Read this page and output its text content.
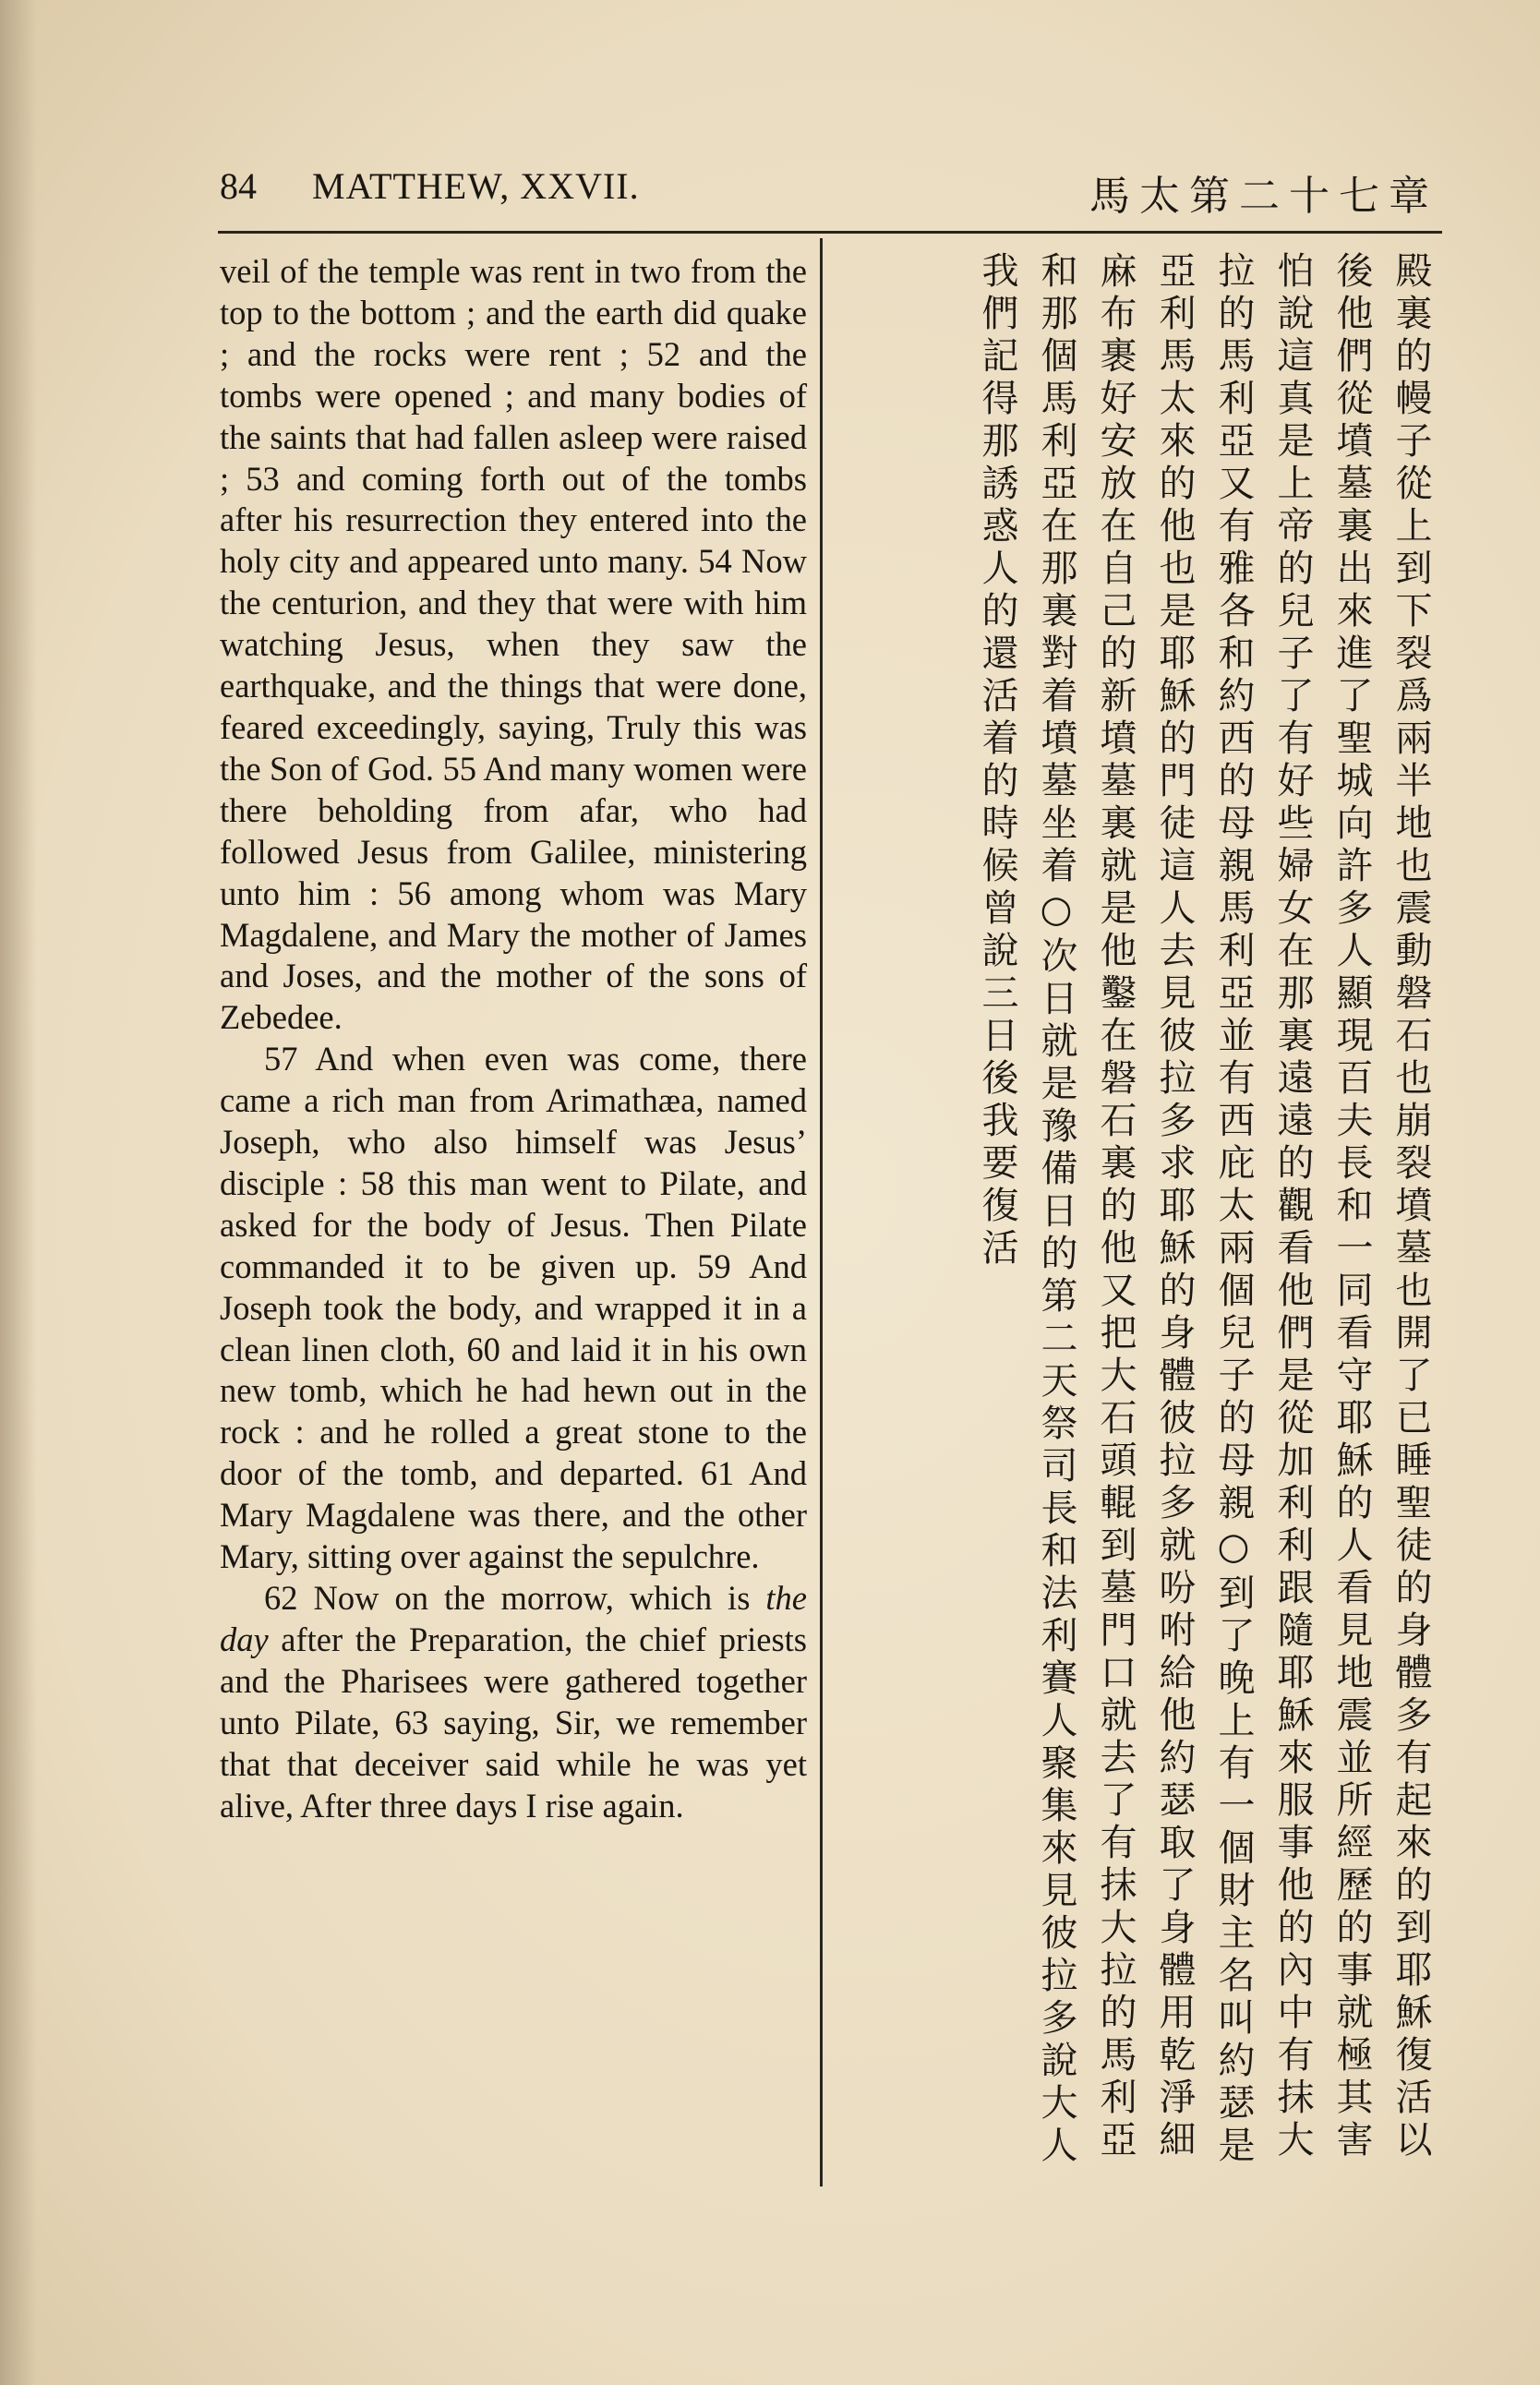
84 MATTHEW, XXVII.	馬太第二十七章

veil of the temple was rent in two from the top to the bottom ; and the earth did quake ; and the rocks were rent ; 52 and the tombs were opened ; and many bodies of the saints that had fallen asleep were raised ; 53 and coming forth out of the tombs after his resurrection they entered into the holy city and appeared unto many. 54 Now the centurion, and they that were with him watching Jesus, when they saw the earthquake, and the things that were done, feared exceedingly, saying, Truly this was the Son of God. 55 And many women were there beholding from afar, who had followed Jesus from Galilee, ministering unto him : 56 among whom was Mary Magdalene, and Mary the mother of James and Joses, and the mother of the sons of Zebedee.

57 And when even was come, there came a rich man from Arimathæa, named Joseph, who also himself was Jesus’ disciple : 58 this man went to Pilate, and asked for the body of Jesus. Then Pilate commanded it to be given up. 59 And Joseph took the body, and wrapped it in a clean linen cloth, 60 and laid it in his own new tomb, which he had hewn out in the rock : and he rolled a great stone to the door of the tomb, and departed. 61 And Mary Magdalene was there, and the other Mary, sitting over against the sepulchre.

62 Now on the morrow, which is the day after the Preparation, the chief priests and the Pharisees were gathered together unto Pilate, 63 saying, Sir, we remember that that deceiver said while he was yet alive, After three days I rise again.	殿裏的幔子從上到下裂爲兩半地也震動磐石也崩裂墳墓也開了已睡聖徒的身體多有起來的到耶穌復活以後他們從墳墓裏出來進了聖城向許多人顯現百夫長和一同看守耶穌的人看見地震並所經歷的事就極其害怕說這真是上帝的兒子了有好些婦女在那裏遠遠的觀看他們是從加利利跟隨耶穌來服事他的內中有抹大拉的馬利亞又有雅各和約西的母親馬利亞並有西庇太兩個兒子的母親○到了晚上有一個財主名叫約瑟是亞利馬太來的他也是耶穌的門徒這人去見彼拉多求耶穌的身體彼拉多就吩咐給他約瑟取了身體用乾淨細麻布裹好安放在自己的新墳墓裏就是他鑿在磐石裏的他又把大石頭輥到墓門口就去了有抹大拉的馬利亞和那個馬利亞在那裏對着墳墓坐着○次日就是豫備日的第二天祭司長和法利賽人聚集來見彼拉多說大人我們記得那誘惑人的還活着的時候曾說三日後我要復活
